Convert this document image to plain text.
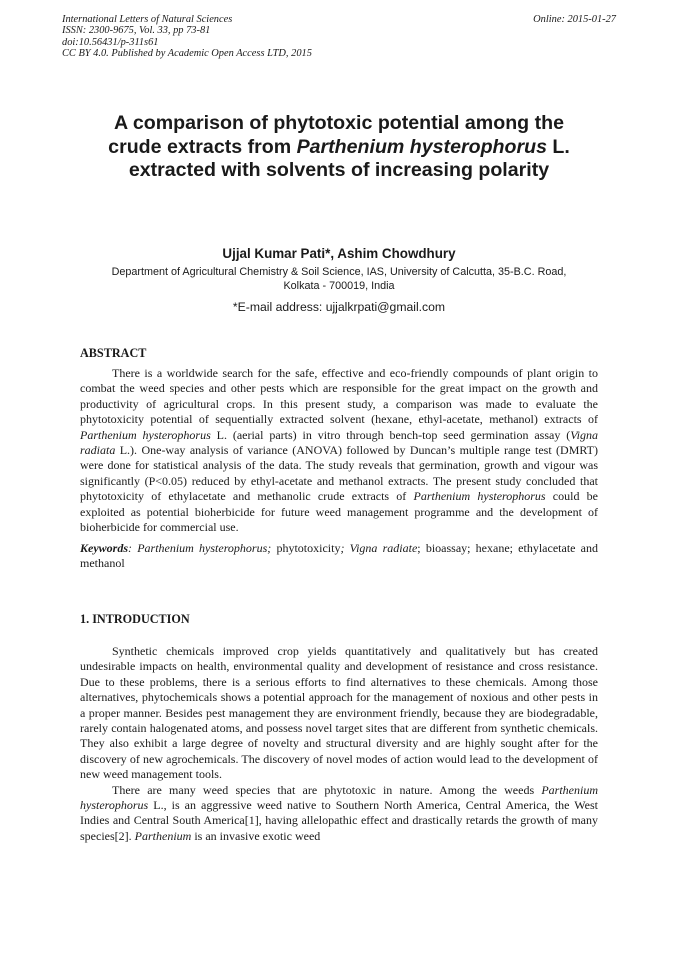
International Letters of Natural Sciences
ISSN: 2300-9675, Vol. 33, pp 73-81
doi:10.56431/p-311s61
CC BY 4.0. Published by Academic Open Access LTD, 2015
Online: 2015-01-27
A comparison of phytotoxic potential among the
crude extracts from Parthenium hysterophorus L.
extracted with solvents of increasing polarity
Ujjal Kumar Pati*, Ashim Chowdhury
Department of Agricultural Chemistry & Soil Science, IAS, University of Calcutta, 35-B.C. Road,
Kolkata - 700019, India
*E-mail address: ujjalkrpati@gmail.com
ABSTRACT
There is a worldwide search for the safe, effective and eco-friendly compounds of plant origin to combat the weed species and other pests which are responsible for the great impact on the growth and productivity of agricultural crops. In this present study, a comparison was made to evaluate the phytotoxicity potential of sequentially extracted solvent (hexane, ethyl-acetate, methanol) extracts of Parthenium hysterophorus L. (aerial parts) in vitro through bench-top seed germination assay (Vigna radiata L.). One-way analysis of variance (ANOVA) followed by Duncan’s multiple range test (DMRT) were done for statistical analysis of the data. The study reveals that germination, growth and vigour was significantly (P<0.05) reduced by ethyl-acetate and methanol extracts. The present study concluded that phytotoxicity of ethylacetate and methanolic crude extracts of Parthenium hysterophorus could be exploited as potential bioherbicide for future weed management programme and the development of bioherbicide for commercial use.
Keywords: Parthenium hysterophorus; phytotoxicity; Vigna radiate; bioassay; hexane; ethylacetate and methanol
1. INTRODUCTION
Synthetic chemicals improved crop yields quantitatively and qualitatively but has created undesirable impacts on health, environmental quality and development of resistance and cross resistance. Due to these problems, there is a serious efforts to find alternatives to these chemicals. Among those alternatives, phytochemicals shows a potential approach for the management of noxious and other pests in a proper manner. Besides pest management they are environment friendly, because they are biodegradable, rarely contain halogenated atoms, and possess novel target sites that are different from synthetic chemicals. They also exhibit a large degree of novelty and structural diversity and are highly sought after for the discovery of new agrochemicals. The discovery of novel modes of action would lead to the development of new weed management tools.
There are many weed species that are phytotoxic in nature. Among the weeds Parthenium hysterophorus L., is an aggressive weed native to Southern North America, Central America, the West Indies and Central South America[1], having allelopathic effect and drastically retards the growth of many species[2]. Parthenium is an invasive exotic weed
